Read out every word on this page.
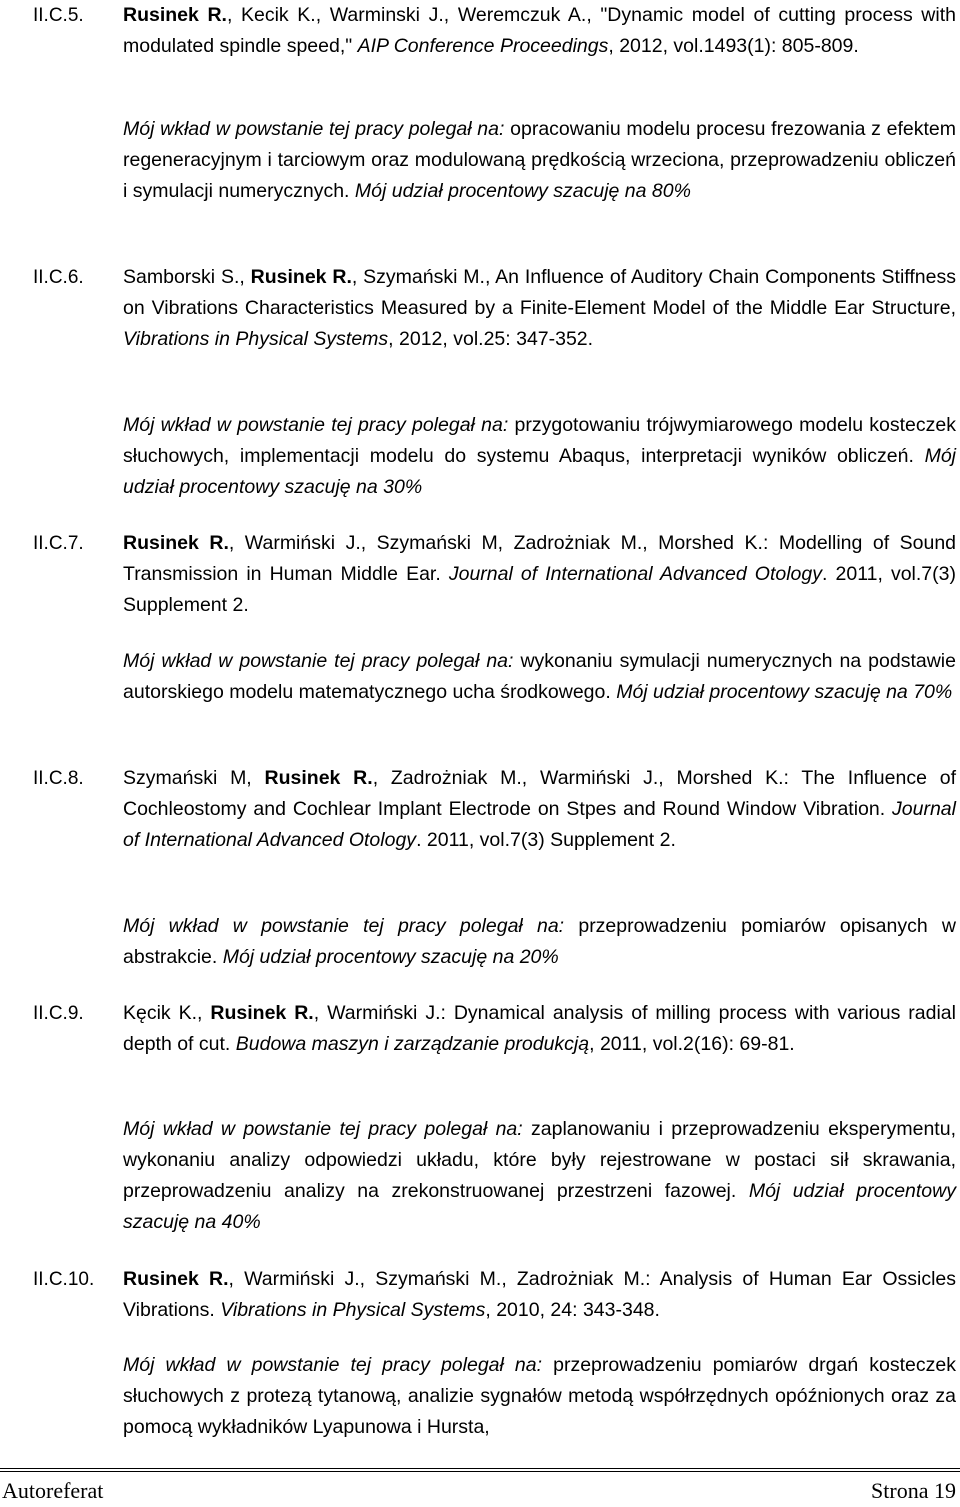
II.C.5. Rusinek R., Kecik K., Warminski J., Weremczuk A., "Dynamic model of cutting process with modulated spindle speed," AIP Conference Proceedings, 2012, vol.1493(1): 805-809.
Mój wkład w powstanie tej pracy polegał na: opracowaniu modelu procesu frezowania z efektem regeneracyjnym i tarciowym oraz modulowaną prędkością wrzeciona, przeprowadzeniu obliczeń i symulacji numerycznych. Mój udział procentowy szacuję na 80%
II.C.6. Samborski S., Rusinek R., Szymański M., An Influence of Auditory Chain Components Stiffness on Vibrations Characteristics Measured by a Finite-Element Model of the Middle Ear Structure, Vibrations in Physical Systems, 2012, vol.25: 347-352.
Mój wkład w powstanie tej pracy polegał na: przygotowaniu trójwymiarowego modelu kosteczek słuchowych, implementacji modelu do systemu Abaqus, interpretacji wyników obliczeń. Mój udział procentowy szacuję na 30%
II.C.7. Rusinek R., Warmiński J., Szymański M, Zadrożniak M., Morshed K.: Modelling of Sound Transmission in Human Middle Ear. Journal of International Advanced Otology. 2011, vol.7(3) Supplement 2.
Mój wkład w powstanie tej pracy polegał na: wykonaniu symulacji numerycznych na podstawie autorskiego modelu matematycznego ucha środkowego. Mój udział procentowy szacuję na 70%
II.C.8. Szymański M, Rusinek R., Zadrożniak M., Warmiński J., Morshed K.: The Influence of Cochleostomy and Cochlear Implant Electrode on Stpes and Round Window Vibration. Journal of International Advanced Otology. 2011, vol.7(3) Supplement 2.
Mój wkład w powstanie tej pracy polegał na: przeprowadzeniu pomiarów opisanych w abstrakcie. Mój udział procentowy szacuję na 20%
II.C.9. Kęcik K., Rusinek R., Warmiński J.: Dynamical analysis of milling process with various radial depth of cut. Budowa maszyn i zarządzanie produkcją, 2011, vol.2(16): 69-81.
Mój wkład w powstanie tej pracy polegał na: zaplanowaniu i przeprowadzeniu eksperymentu, wykonaniu analizy odpowiedzi układu, które były rejestrowane w postaci sił skrawania, przeprowadzeniu analizy na zrekonstruowanej przestrzeni fazowej. Mój udział procentowy szacuję na 40%
II.C.10. Rusinek R., Warmiński J., Szymański M., Zadrożniak M.: Analysis of Human Ear Ossicles Vibrations. Vibrations in Physical Systems, 2010, 24: 343-348.
Mój wkład w powstanie tej pracy polegał na: przeprowadzeniu pomiarów drgań kosteczek słuchowych z protezą tytanową, analizie sygnałów metodą współrzędnych opóźnionych oraz za pomocą wykładników Lyapunowa i Hursta,
Autoreferat	Strona 19
